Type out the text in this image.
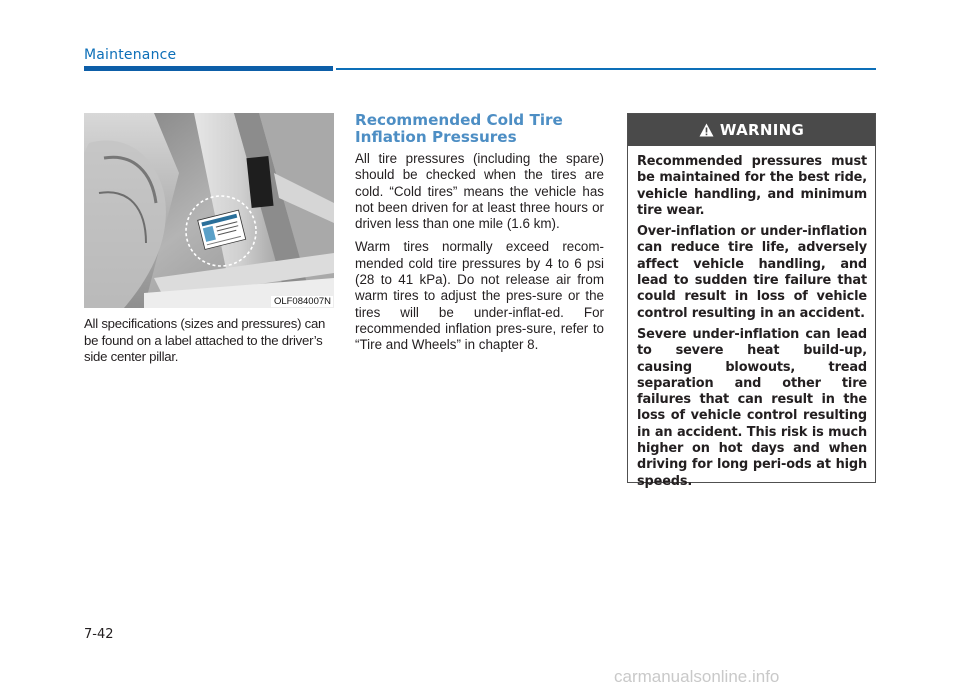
Maintenance
OLF084007N
All specifications (sizes and pressures) can be found on a label attached to the driver’s side center pillar.
Recommended Cold Tire Inflation Pressures

All tire pressures (including the spare) should be checked when the tires are cold. “Cold tires” means the vehicle has not been driven for at least three hours or driven less than one mile (1.6 km).

Warm tires normally exceed recom-mended cold tire pressures by 4 to 6 psi (28 to 41 kPa). Do not release air from warm tires to adjust the pres-sure or the tires will be under-inflat-ed. For recommended inflation pres-sure, refer to “Tire and Wheels” in chapter 8.

WARNING

Recommended pressures must be maintained for the best ride, vehicle handling, and minimum tire wear.

Over-inflation or under-inflation can reduce tire life, adversely affect vehicle handling, and lead to sudden tire failure that could result in loss of vehicle control resulting in an accident.

Severe under-inflation can lead to severe heat build-up, causing blowouts, tread separation and other tire failures that can result in the loss of vehicle control resulting in an accident. This risk is much higher on hot days and when driving for long peri-ods at high speeds.

7-42
carmanualsonline.info
